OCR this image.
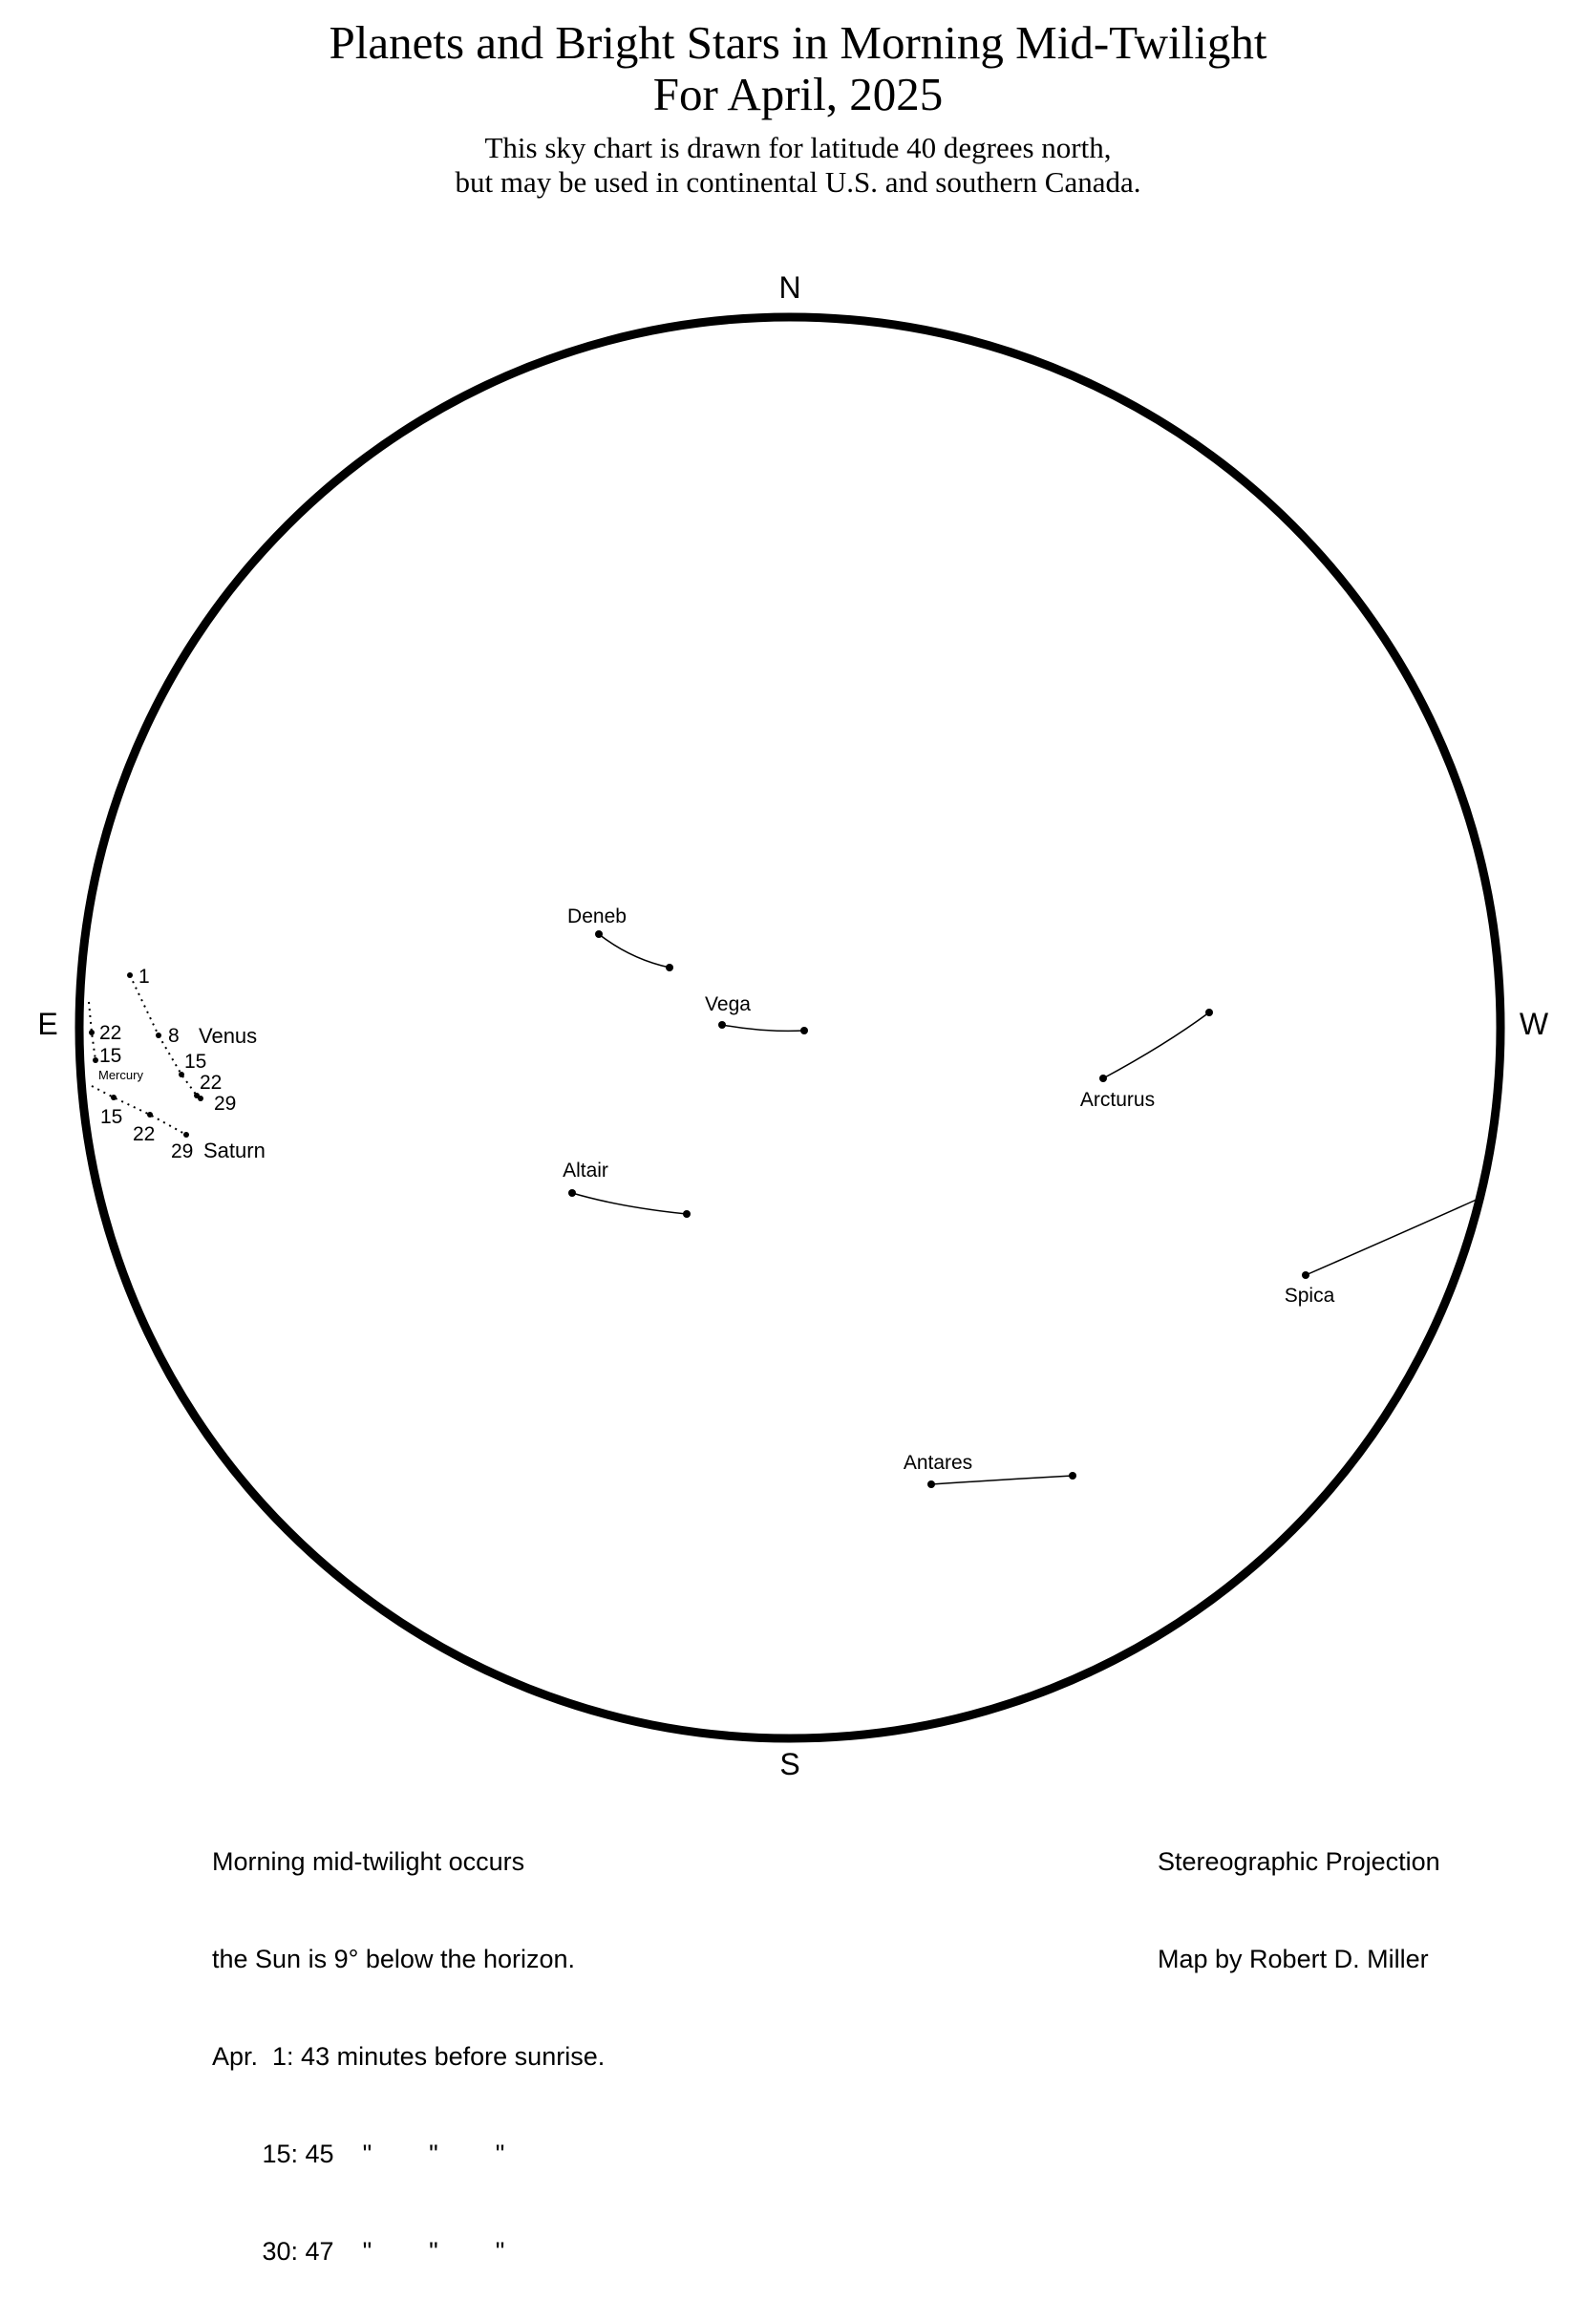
Planets and Bright Stars in Morning Mid-Twilight
For April, 2025
This sky chart is drawn for latitude 40 degrees north,
but may be used in continental U.S. and southern Canada.
N
S
E	W
Deneb
Vega
Arcturus
Altair
Spica
Antares
1
8
15
22
29
Venus
22
15
Mercury
15
22
29 Saturn

Morning mid-twilight occurs

the Sun is 9° below the horizon.

Apr.  1: 43 minutes before sunrise.

15: 45    "        "        "

30: 47    "        "        "

Stereographic Projection

Map by Robert D. Miller
